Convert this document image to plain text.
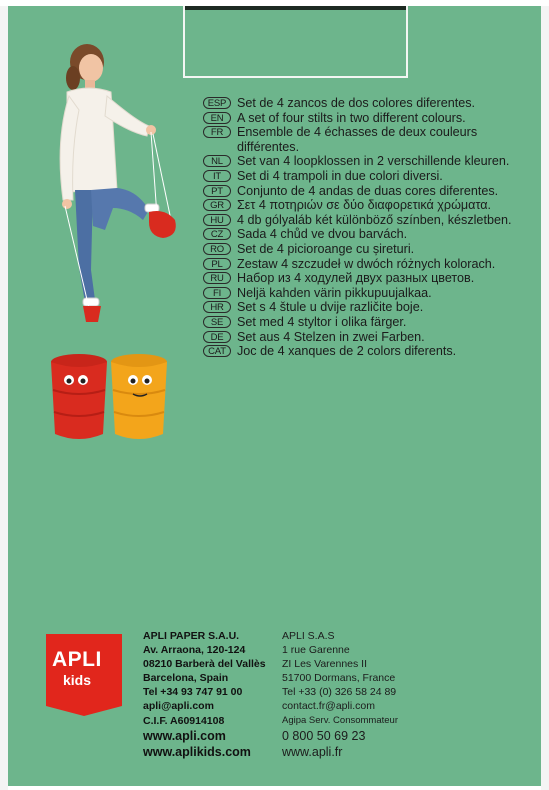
ESP Set de 4 zancos de dos colores diferentes.
EN	A set of four stilts in two different colours.
FR	Ensemble de 4 échasses de deux couleurs différentes.
NL	Set van 4 loopklossen in 2 verschillende kleuren.
IT	Set di 4 trampoli in due colori diversi.
PT	Conjunto de 4 andas de duas cores diferentes.
GR	Σετ 4 ποτηριών σε δύο διαφορετικά χρώματα.
HU	4 db gólyaláb két különböző színben, készletben.
CZ	Sada 4 chůd ve dvou barvách.
RO	Set de 4 picioroange cu șireturi.
PL	Zestaw 4 szczudeł w dwóch różnych kolorach.
RU	Набор из 4 ходулей двух разных цветов.
FI	Neljä kahden värin pikkupuujalkaa.
HR	Set s 4 štule u dvije različite boje.
SE	Set med 4 styltor i olika färger.
DE	Set aus 4 Stelzen in zwei Farben.
CAT Joc de 4 xanques de 2 colors diferents.
APLI
kids
APLI PAPER S.A.U.
Av. Arraona, 120-124
08210 Barberà del Vallès
Barcelona, Spain
Tel +34 93 747 91 00
apli@apli.com
C.I.F. A60914108
www.apli.com
www.aplikids.com
APLI S.A.S
1 rue Garenne
ZI Les Varennes II
51700 Dormans, France
Tel +33 (0) 326 58 24 89
contact.fr@apli.com
Agipa Serv. Consommateur
0 800 50 69 23
www.apli.fr
